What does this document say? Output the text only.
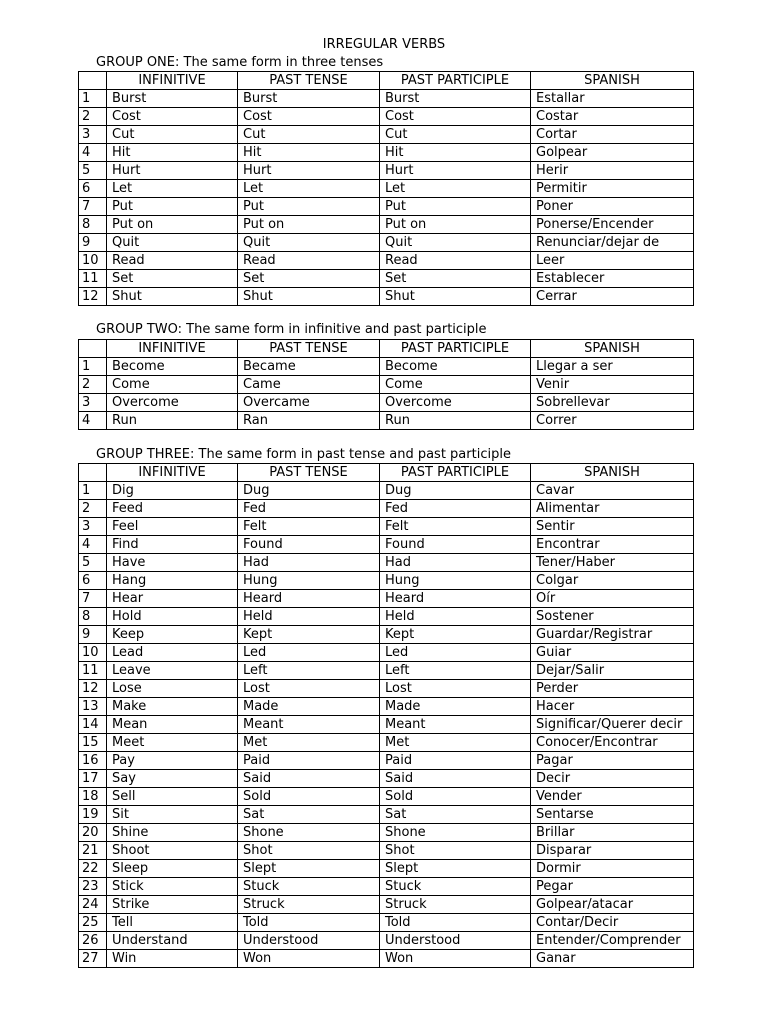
IRREGULAR VERBS
GROUP ONE: The same form in three tenses
	INFINITIVE	PAST TENSE	PAST PARTICIPLE	SPANISH
1	Burst	Burst	Burst	Estallar
2	Cost	Cost	Cost	Costar
3	Cut	Cut	Cut	Cortar
4	Hit	Hit	Hit	Golpear
5	Hurt	Hurt	Hurt	Herir
6	Let	Let	Let	Permitir
7	Put	Put	Put	Poner
8	Put on	Put on	Put on	Ponerse/Encender
9	Quit	Quit	Quit	Renunciar/dejar de
10	Read	Read	Read	Leer
11	Set	Set	Set	Establecer
12	Shut	Shut	Shut	Cerrar
GROUP TWO: The same form in infinitive and past participle
	INFINITIVE	PAST TENSE	PAST PARTICIPLE	SPANISH
1	Become	Became	Become	Llegar a ser
2	Come	Came	Come	Venir
3	Overcome	Overcame	Overcome	Sobrellevar
4	Run	Ran	Run	Correr
GROUP THREE: The same form in past tense and past participle
	INFINITIVE	PAST TENSE	PAST PARTICIPLE	SPANISH
1	Dig	Dug	Dug	Cavar
2	Feed	Fed	Fed	Alimentar
3	Feel	Felt	Felt	Sentir
4	Find	Found	Found	Encontrar
5	Have	Had	Had	Tener/Haber
6	Hang	Hung	Hung	Colgar
7	Hear	Heard	Heard	Oír
8	Hold	Held	Held	Sostener
9	Keep	Kept	Kept	Guardar/Registrar
10	Lead	Led	Led	Guiar
11	Leave	Left	Left	Dejar/Salir
12	Lose	Lost	Lost	Perder
13	Make	Made	Made	Hacer
14	Mean	Meant	Meant	Significar/Querer decir
15	Meet	Met	Met	Conocer/Encontrar
16	Pay	Paid	Paid	Pagar
17	Say	Said	Said	Decir
18	Sell	Sold	Sold	Vender
19	Sit	Sat	Sat	Sentarse
20	Shine	Shone	Shone	Brillar
21	Shoot	Shot	Shot	Disparar
22	Sleep	Slept	Slept	Dormir
23	Stick	Stuck	Stuck	Pegar
24	Strike	Struck	Struck	Golpear/atacar
25	Tell	Told	Told	Contar/Decir
26	Understand	Understood	Understood	Entender/Comprender
27	Win	Won	Won	Ganar
